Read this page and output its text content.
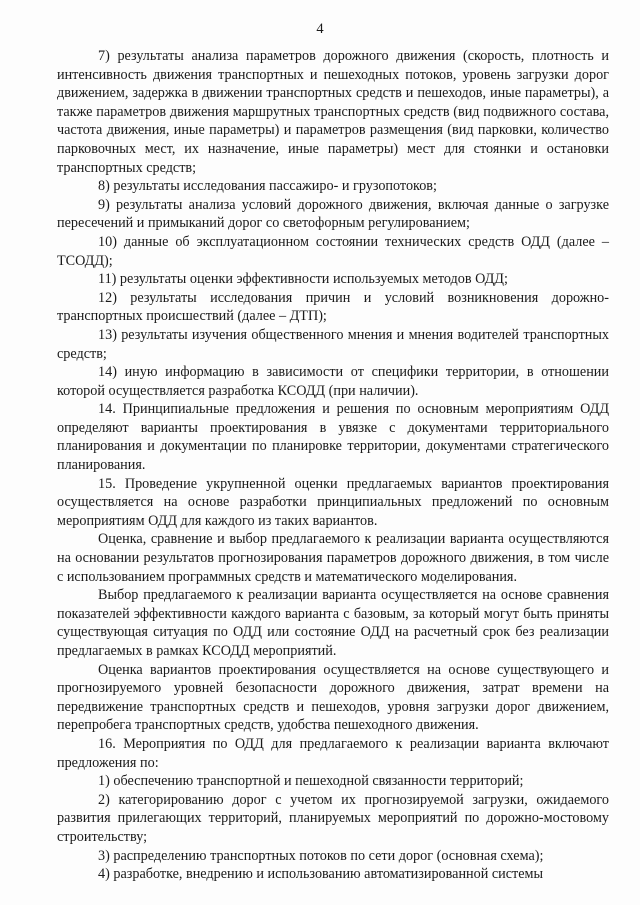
4

7) результаты анализа параметров дорожного движения (скорость, плотность и интенсивность движения транспортных и пешеходных потоков, уровень загрузки дорог движением, задержка в движении транспортных средств и пешеходов, иные параметры), а также параметров движения маршрутных транспортных средств (вид подвижного состава, частота движения, иные параметры) и параметров размещения (вид парковки, количество парковочных мест, их назначение, иные параметры) мест для стоянки и остановки транспортных средств;

8) результаты исследования пассажиро- и грузопотоков;

9) результаты анализа условий дорожного движения, включая данные о загрузке пересечений и примыканий дорог со светофорным регулированием;

10) данные об эксплуатационном состоянии технических средств ОДД (далее – ТСОДД);

11) результаты оценки эффективности используемых методов ОДД;

12) результаты исследования причин и условий возникновения дорожно-транспортных происшествий (далее – ДТП);

13) результаты изучения общественного мнения и мнения водителей транспортных средств;

14) иную информацию в зависимости от специфики территории, в отношении которой осуществляется разработка КСОДД (при наличии).

14. Принципиальные предложения и решения по основным мероприятиям ОДД определяют варианты проектирования в увязке с документами территориального планирования и документации по планировке территории, документами стратегического планирования.

15. Проведение укрупненной оценки предлагаемых вариантов проектирования осуществляется на основе разработки принципиальных предложений по основным мероприятиям ОДД для каждого из таких вариантов.

Оценка, сравнение и выбор предлагаемого к реализации варианта осуществляются на основании результатов прогнозирования параметров дорожного движения, в том числе с использованием программных средств и математического моделирования.

Выбор предлагаемого к реализации варианта осуществляется на основе сравнения показателей эффективности каждого варианта с базовым, за который могут быть приняты существующая ситуация по ОДД или состояние ОДД на расчетный срок без реализации предлагаемых в рамках КСОДД мероприятий.

Оценка вариантов проектирования осуществляется на основе существующего и прогнозируемого уровней безопасности дорожного движения, затрат времени на передвижение транспортных средств и пешеходов, уровня загрузки дорог движением, перепробега транспортных средств, удобства пешеходного движения.

16. Мероприятия по ОДД для предлагаемого к реализации варианта включают предложения по:

1) обеспечению транспортной и пешеходной связанности территорий;

2) категорированию дорог с учетом их прогнозируемой загрузки, ожидаемого развития прилегающих территорий, планируемых мероприятий по дорожно-мостовому строительству;

3) распределению транспортных потоков по сети дорог (основная схема);

4) разработке, внедрению и использованию автоматизированной системы
